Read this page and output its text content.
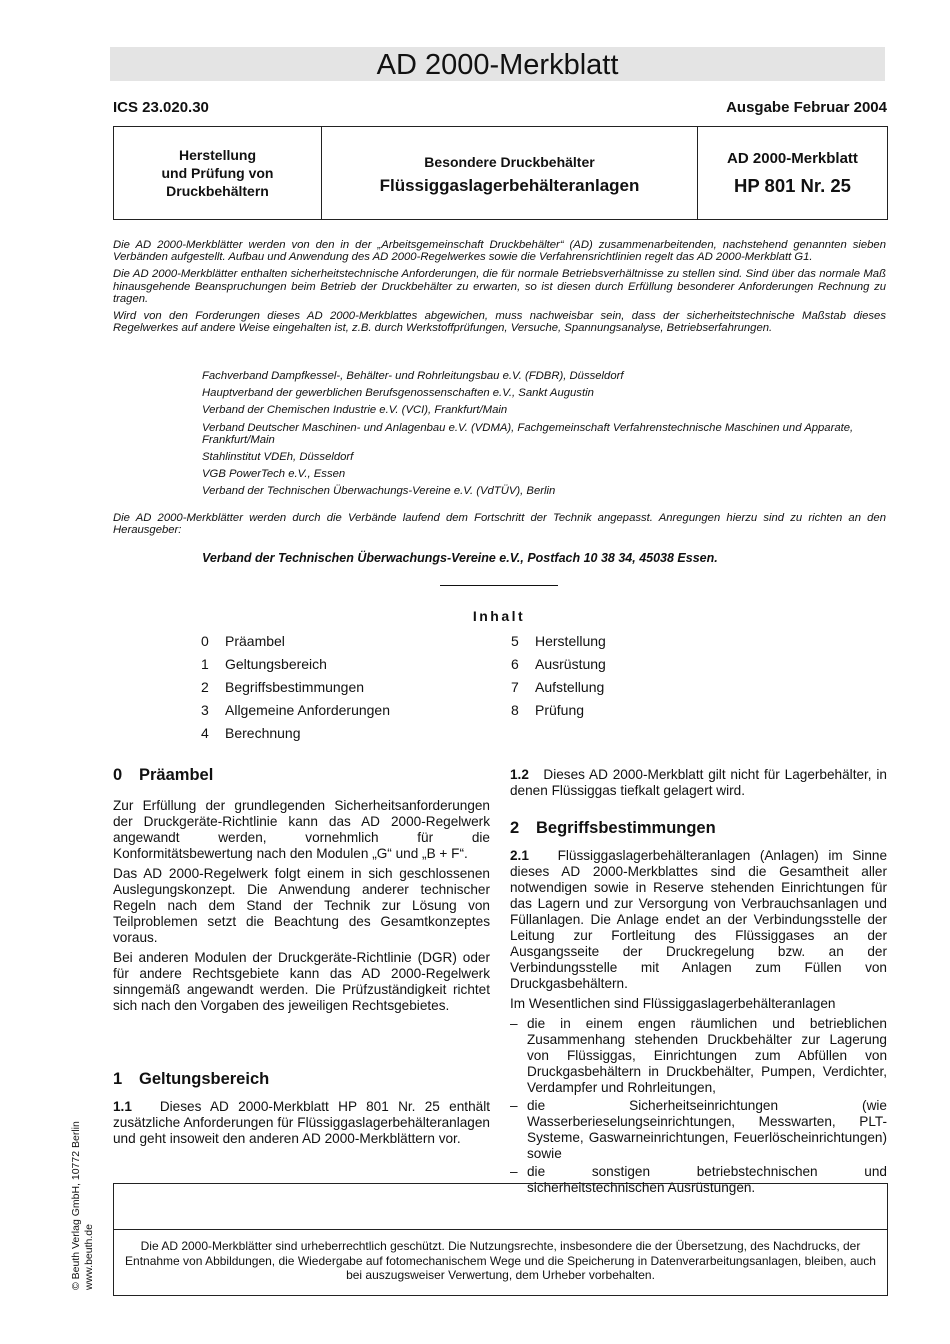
AD 2000-Merkblatt
ICS 23.020.30	Ausgabe Februar 2004
Herstellung
und Prüfung von
Druckbehältern
Besondere Druckbehälter
Flüssiggaslagerbehälteranlagen
AD 2000-Merkblatt
HP 801 Nr. 25

Die AD 2000-Merkblätter werden von den in der „Arbeitsgemeinschaft Druckbehälter“ (AD) zusammenarbeitenden, nachstehend genannten sieben Verbänden aufgestellt. Aufbau und Anwendung des AD 2000-Regelwerkes sowie die Verfahrensrichtlinien regelt das AD 2000-Merkblatt G1.

Die AD 2000-Merkblätter enthalten sicherheitstechnische Anforderungen, die für normale Betriebsverhältnisse zu stellen sind. Sind über das normale Maß hinausgehende Beanspruchungen beim Betrieb der Druckbehälter zu erwarten, so ist diesen durch Erfüllung besonderer Anforderungen Rechnung zu tragen.

Wird von den Forderungen dieses AD 2000-Merkblattes abgewichen, muss nachweisbar sein, dass der sicherheitstechnische Maßstab dieses Regelwerkes auf andere Weise eingehalten ist, z.B. durch Werkstoffprüfungen, Versuche, Spannungsanalyse, Betriebserfahrungen.

Fachverband Dampfkessel-, Behälter- und Rohrleitungsbau e.V. (FDBR), Düsseldorf
Hauptverband der gewerblichen Berufsgenossenschaften e.V., Sankt Augustin
Verband der Chemischen Industrie e.V. (VCI), Frankfurt/Main
Verband Deutscher Maschinen- und Anlagenbau e.V. (VDMA), Fachgemeinschaft Verfahrenstechnische Maschinen und Apparate, Frankfurt/Main
Stahlinstitut VDEh, Düsseldorf
VGB PowerTech e.V., Essen
Verband der Technischen Überwachungs-Vereine e.V. (VdTÜV), Berlin
Die AD 2000-Merkblätter werden durch die Verbände laufend dem Fortschritt der Technik angepasst. Anregungen hierzu sind zu richten an den Herausgeber:
Verband der Technischen Überwachungs-Vereine e.V., Postfach 10 38 34, 45038 Essen.
Inhalt
0 Präambel
1 Geltungsbereich
2 Begriffsbestimmungen
3 Allgemeine Anforderungen
4 Berechnung
5 Herstellung
6 Ausrüstung
7 Aufstellung
8 Prüfung
0 Präambel

Zur Erfüllung der grundlegenden Sicherheitsanforderungen der Druckgeräte-Richtlinie kann das AD 2000-Regelwerk angewandt werden, vornehmlich für die Konformitätsbewertung nach den Modulen „G“ und „B + F“.

Das AD 2000-Regelwerk folgt einem in sich geschlossenen Auslegungskonzept. Die Anwendung anderer technischer Regeln nach dem Stand der Technik zur Lösung von Teilproblemen setzt die Beachtung des Gesamtkonzeptes voraus.

Bei anderen Modulen der Druckgeräte-Richtlinie (DGR) oder für andere Rechtsgebiete kann das AD 2000-Regelwerk sinngemäß angewandt werden. Die Prüfzuständigkeit richtet sich nach den Vorgaben des jeweiligen Rechtsgebietes.

1 Geltungsbereich

1.1 Dieses AD 2000-Merkblatt HP 801 Nr. 25 enthält zusätzliche Anforderungen für Flüssiggaslagerbehälteranlagen und geht insoweit den anderen AD 2000-Merkblättern vor.

1.2 Dieses AD 2000-Merkblatt gilt nicht für Lagerbehälter, in denen Flüssiggas tiefkalt gelagert wird.

2 Begriffsbestimmungen

2.1 Flüssiggaslagerbehälteranlagen (Anlagen) im Sinne dieses AD 2000-Merkblattes sind die Gesamtheit aller notwendigen sowie in Reserve stehenden Einrichtungen für das Lagern und zur Versorgung von Verbrauchsanlagen und Füllanlagen. Die Anlage endet an der Verbindungsstelle der Leitung zur Fortleitung des Flüssiggases an der Ausgangsseite der Druckregelung bzw. an der Verbindungsstelle mit Anlagen zum Füllen von Druckgasbehältern.

Im Wesentlichen sind Flüssiggaslagerbehälteranlagen

– die in einem engen räumlichen und betrieblichen Zusammenhang stehenden Druckbehälter zur Lagerung von Flüssiggas, Einrichtungen zum Abfüllen von Druckgasbehältern in Druckbehälter, Pumpen, Verdichter, Verdampfer und Rohrleitungen,
– die Sicherheitseinrichtungen (wie Wasserberieselungseinrichtungen, Messwarten, PLT-Systeme, Gaswarneinrichtungen, Feuerlöscheinrichtungen) sowie
– die sonstigen betriebstechnischen und sicherheitstechnischen Ausrüstungen.
Die AD 2000-Merkblätter sind urheberrechtlich geschützt. Die Nutzungsrechte, insbesondere die der Übersetzung, des Nachdrucks, der Entnahme von Abbildungen, die Wiedergabe auf fotomechanischem Wege und die Speicherung in Datenverarbeitungsanlagen, bleiben, auch bei auszugsweiser Verwertung, dem Urheber vorbehalten.
© Beuth Verlag GmbH, 10772 Berlin www.beuth.de
